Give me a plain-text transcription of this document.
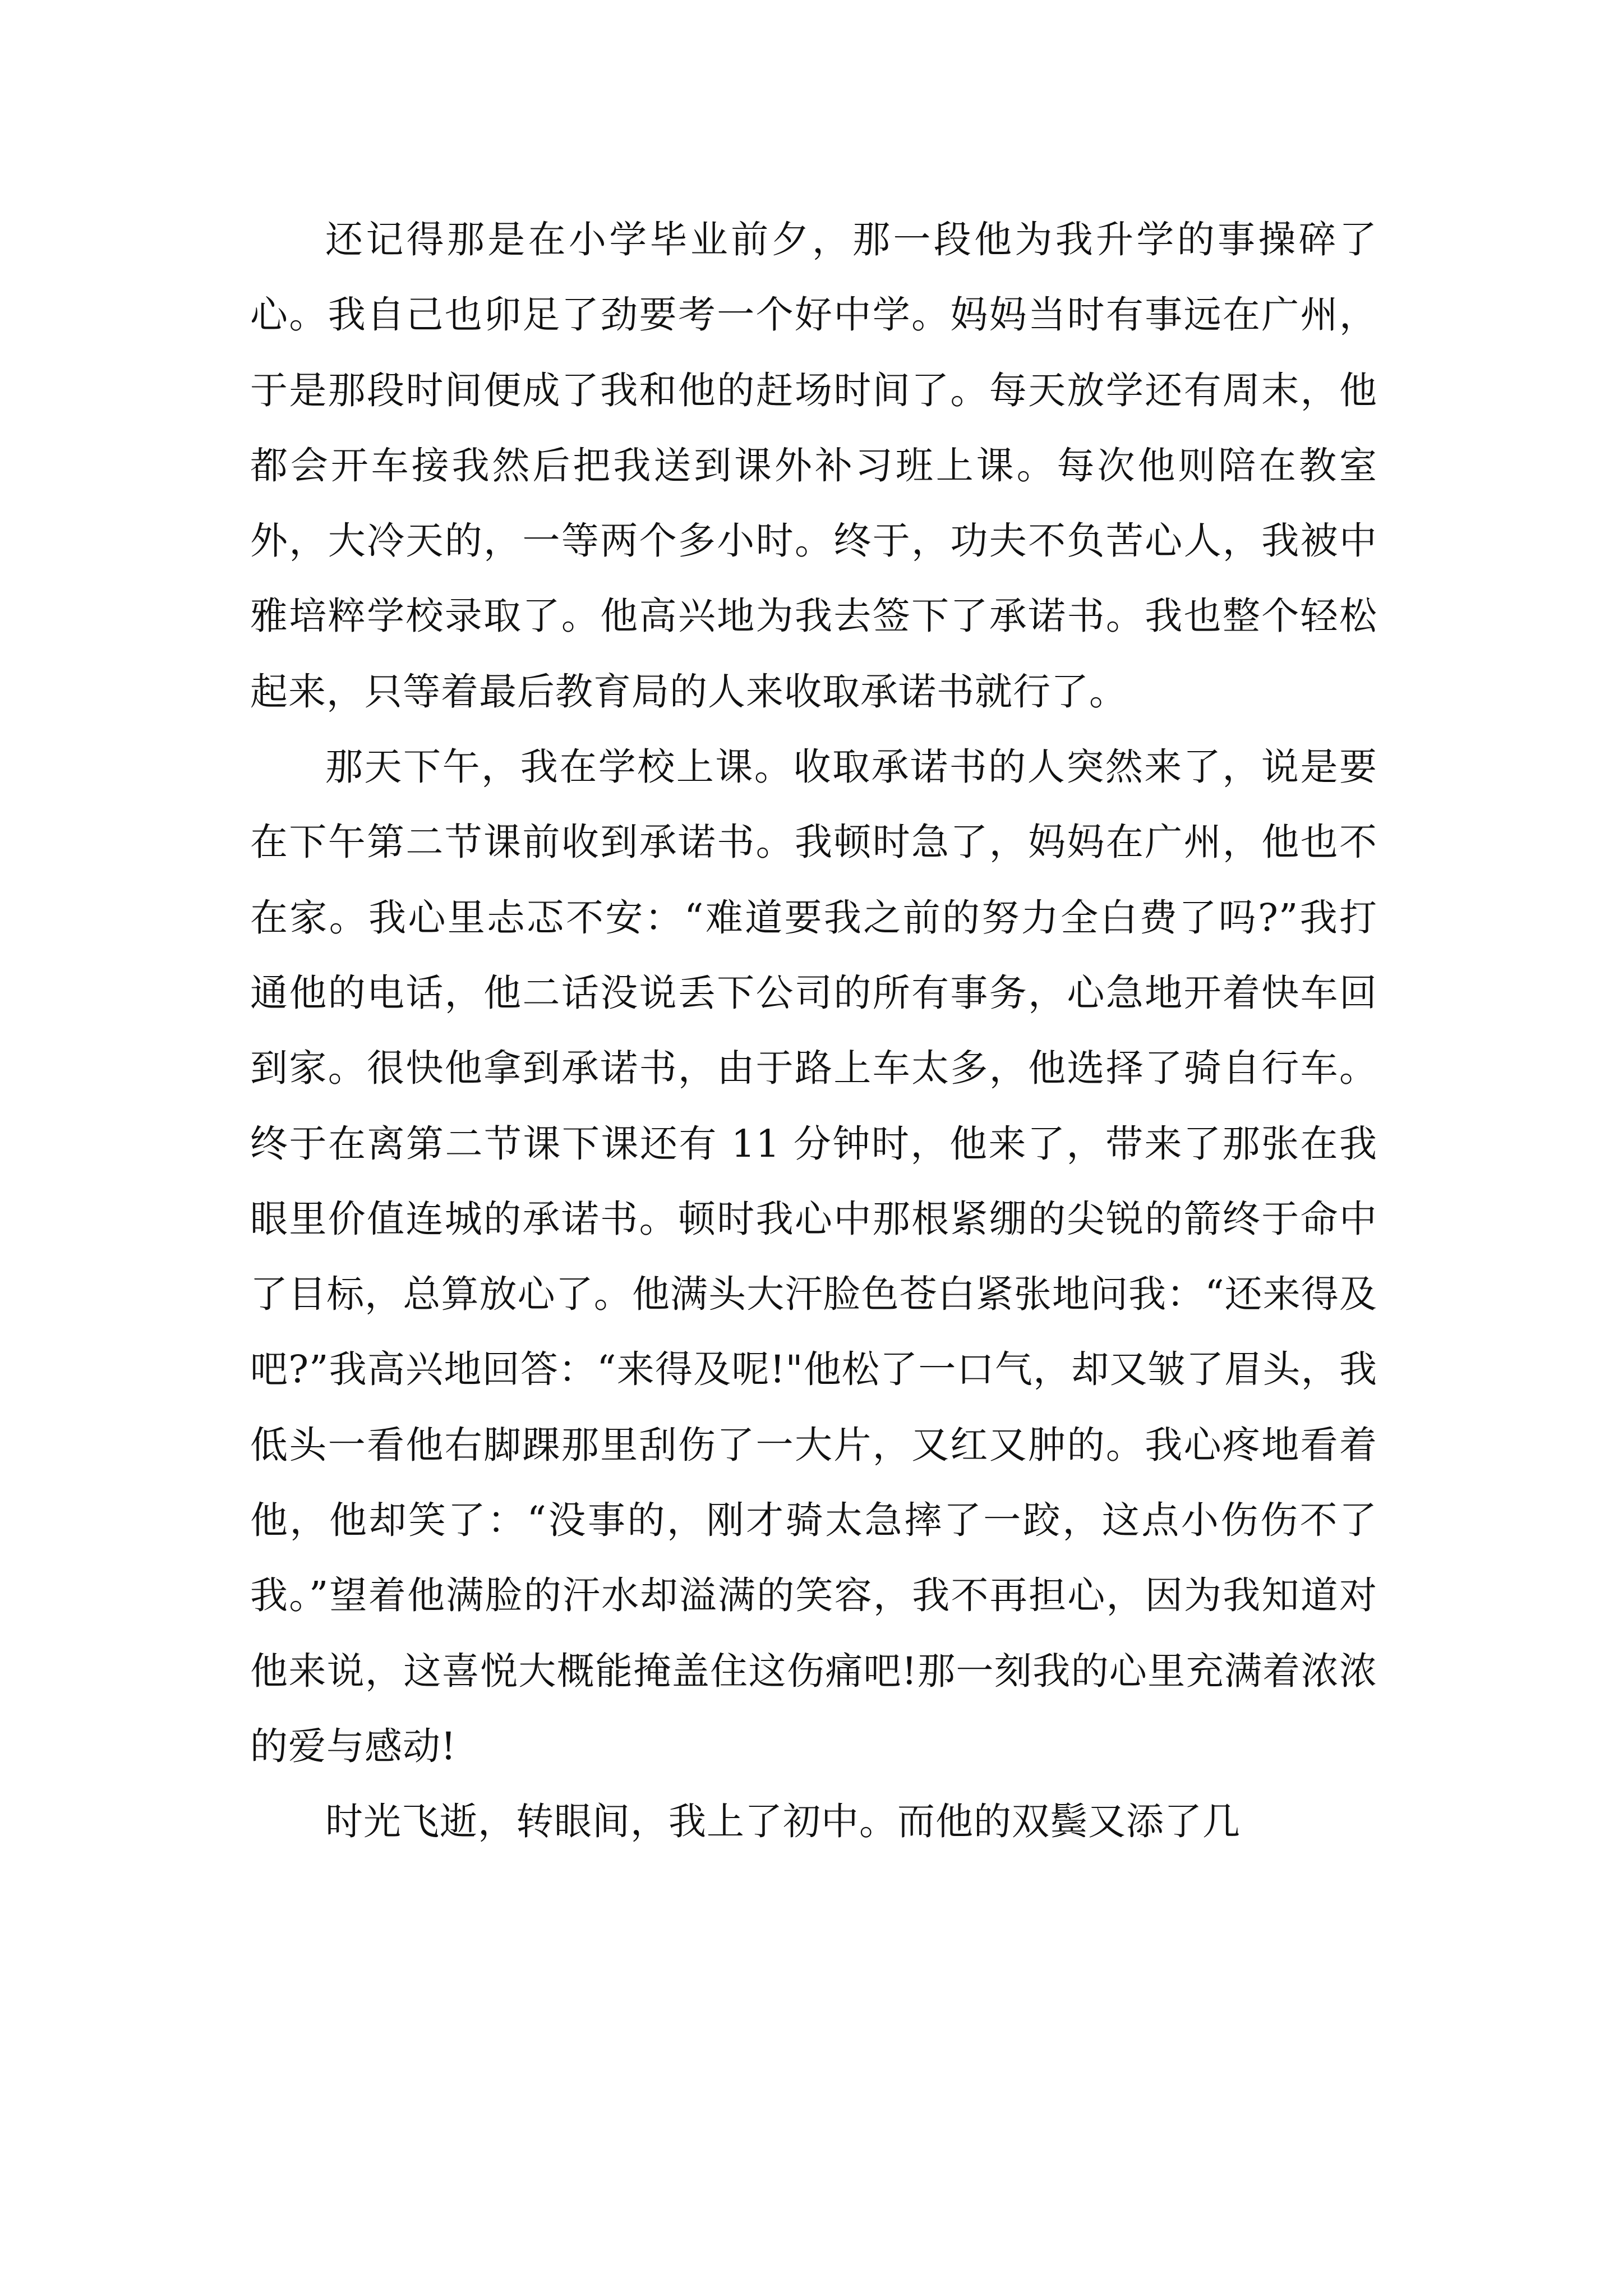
还记得那是在小学毕业前夕，那一段他为我升学的事操碎了心。我自己也卯足了劲要考一个好中学。妈妈当时有事远在广州，于是那段时间便成了我和他的赶场时间了。每天放学还有周末，他都会开车接我然后把我送到课外补习班上课。每次他则陪在教室外，大冷天的，一等两个多小时。终于，功夫不负苦心人，我被中雅培粹学校录取了。他高兴地为我去签下了承诺书。我也整个轻松起来，只等着最后教育局的人来收取承诺书就行了。

那天下午，我在学校上课。收取承诺书的人突然来了，说是要在下午第二节课前收到承诺书。我顿时急了，妈妈在广州，他也不在家。我心里忐忑不安：“难道要我之前的努力全白费了吗?”我打通他的电话，他二话没说丢下公司的所有事务，心急地开着快车回到家。很快他拿到承诺书，由于路上车太多，他选择了骑自行车。终于在离第二节课下课还有 11 分钟时，他来了，带来了那张在我眼里价值连城的承诺书。顿时我心中那根紧绷的尖锐的箭终于命中了目标，总算放心了。他满头大汗脸色苍白紧张地问我：“还来得及吧?”我高兴地回答：“来得及呢!"他松了一口气，却又皱了眉头，我低头一看他右脚踝那里刮伤了一大片，又红又肿的。我心疼地看着他，他却笑了：“没事的，刚才骑太急摔了一跤，这点小伤伤不了我。”望着他满脸的汗水却溢满的笑容，我不再担心，因为我知道对他来说，这喜悦大概能掩盖住这伤痛吧!那一刻我的心里充满着浓浓的爱与感动!

时光飞逝，转眼间，我上了初中。而他的双鬓又添了几
